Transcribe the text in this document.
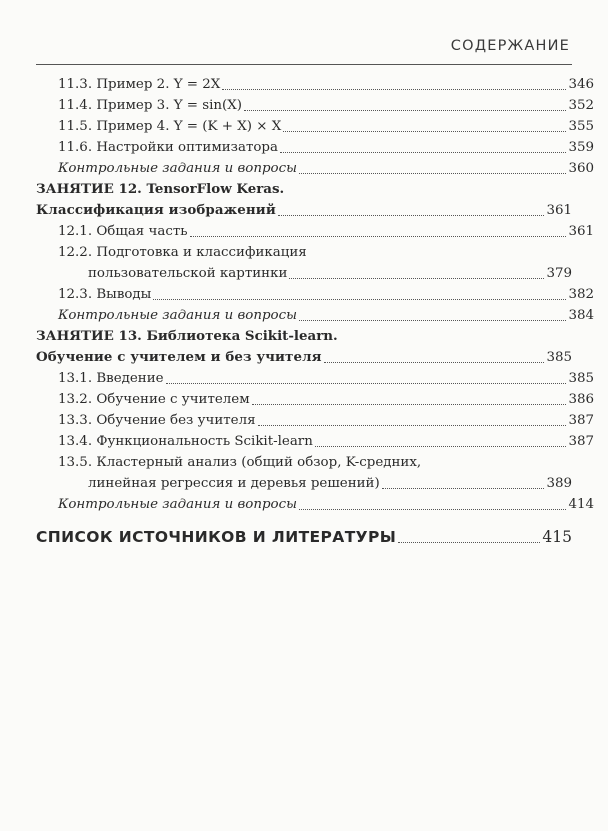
СОДЕРЖАНИЕ
11.3. Пример 2. Y = 2X	346
11.4. Пример 3. Y = sin(X)	352
11.5. Пример 4. Y = (K + X) × X	355
11.6. Настройки оптимизатора	359
Контрольные задания и вопросы	360
ЗАНЯТИЕ 12. TensorFlow Keras.
Классификация изображений	361
12.1. Общая часть	361
12.2. Подготовка и классификация
пользовательской картинки	379
12.3. Выводы	382
Контрольные задания и вопросы	384
ЗАНЯТИЕ 13. Библиотека Scikit-learn.
Обучение с учителем и без учителя	385
13.1. Введение	385
13.2. Обучение с учителем	386
13.3. Обучение без учителя	387
13.4. Функциональность Scikit-learn	387
13.5. Кластерный анализ (общий обзор, K-средних,
линейная регрессия и деревья решений)	389
Контрольные задания и вопросы	414
СПИСОК ИСТОЧНИКОВ И ЛИТЕРАТУРЫ	415
